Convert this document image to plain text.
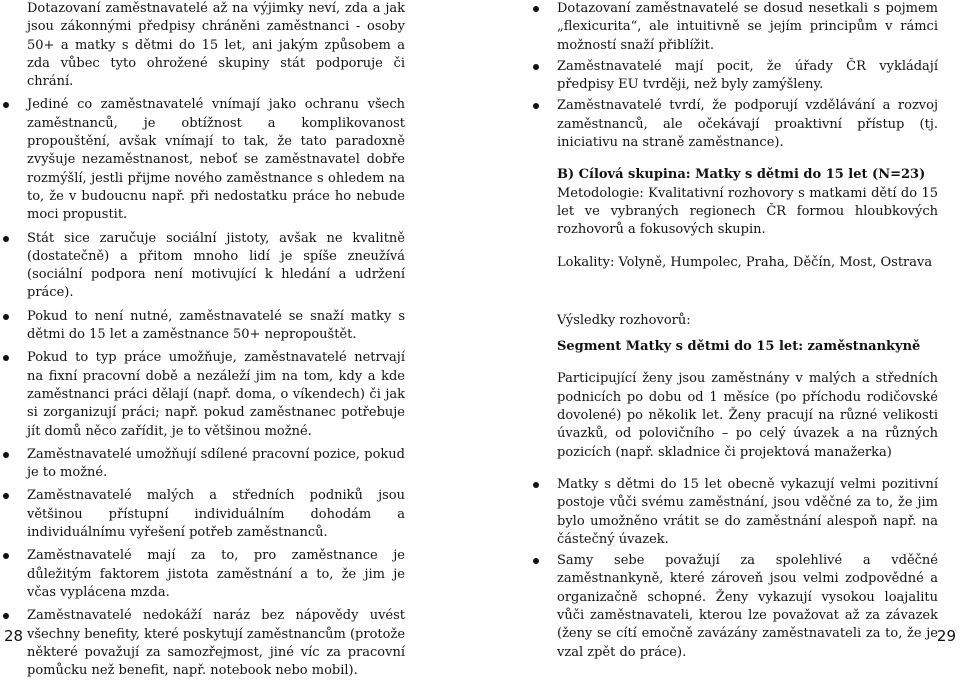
Dotazovaní zaměstnavatelé až na výjimky neví, zda a jak jsou zákonnými předpisy chráněni zaměstnanci - osoby 50+ a matky s dětmi do 15 let, ani jakým způsobem a zda vůbec tyto ohrožené skupiny stát podporuje či chrání.

Jediné co zaměstnavatelé vnímají jako ochranu všech zaměstnanců, je obtížnost a komplikovanost propouštění, avšak vnímají to tak, že tato paradoxně zvyšuje nezaměstnanost, neboť se zaměstnavatel dobře rozmýšlí, jestli přijme nového zaměstnance s ohledem na to, že v budoucnu např. při nedostatku práce ho nebude moci propustit.
Stát sice zaručuje sociální jistoty, avšak ne kvalitně (dostatečně) a přitom mnoho lidí je spíše zneužívá (sociální podpora není motivující k hledání a udržení práce).
Pokud to není nutné, zaměstnavatelé se snaží matky s dětmi do 15 let a zaměstnance 50+ nepropouštět.
Pokud to typ práce umožňuje, zaměstnavatelé netrvají na fixní pracovní době a nezáleží jim na tom, kdy a kde zaměstnanci práci dělají (např. doma, o víkendech) či jak si zorganizují práci; např. pokud zaměstnanec potřebuje jít domů něco zařídit, je to většinou možné.
Zaměstnavatelé umožňují sdílené pracovní pozice, pokud je to možné.
Zaměstnavatelé malých a středních podniků jsou většinou přístupní individuálním dohodám a individuálnímu vyřešení potřeb zaměstnanců.
Zaměstnavatelé mají za to, pro zaměstnance je důležitým faktorem jistota zaměstnání a to, že jim je včas vyplácena mzda.
Zaměstnavatelé nedokáží naráz bez nápovědy uvést všechny benefity, které poskytují zaměstnancům (protože některé považují za samozřejmost, jiné víc za pracovní pomůcku než benefit, např. notebook nebo mobil).
28
Dotazovaní zaměstnavatelé se dosud nesetkali s pojmem „flexicurita“, ale intuitivně se jejím principům v rámci možností snaží přiblížit.
Zaměstnavatelé mají pocit, že úřady ČR vykládají předpisy EU tvrději, než byly zamýšleny.
Zaměstnavatelé tvrdí, že podporují vzdělávání a rozvoj zaměstnanců, ale očekávají proaktivní přístup (tj. iniciativu na straně zaměstnance).

B) Cílová skupina: Matky s dětmi do 15 let (N=23)

Metodologie: Kvalitativní rozhovory s matkami dětí do 15 let ve vybraných regionech ČR formou hloubkových rozhovorů a fokusových skupin.

Lokality: Volyně, Humpolec, Praha, Děčín, Most, Ostrava

Výsledky rozhovorů:

Segment Matky s dětmi do 15 let: zaměstnankyně

Participující ženy jsou zaměstnány v malých a středních podnicích po dobu od 1 měsíce (po příchodu rodičovské dovolené) po několik let. Ženy pracují na různé velikosti úvazků, od polovičního – po celý úvazek a na různých pozicích (např. skladnice či projektová manažerka)

Matky s dětmi do 15 let obecně vykazují velmi pozitivní postoje vůči svému zaměstnání, jsou vděčné za to, že jim bylo umožněno vrátit se do zaměstnání alespoň např. na částečný úvazek.
Samy sebe považují za spolehlivé a vděčné zaměstnankyně, které zároveň jsou velmi zodpovědné a organizačně schopné. Ženy vykazují vysokou loajalitu vůči zaměstnavateli, kterou lze považovat až za závazek (ženy se cítí emočně zavázány zaměstnavateli za to, že je vzal zpět do práce).
29
